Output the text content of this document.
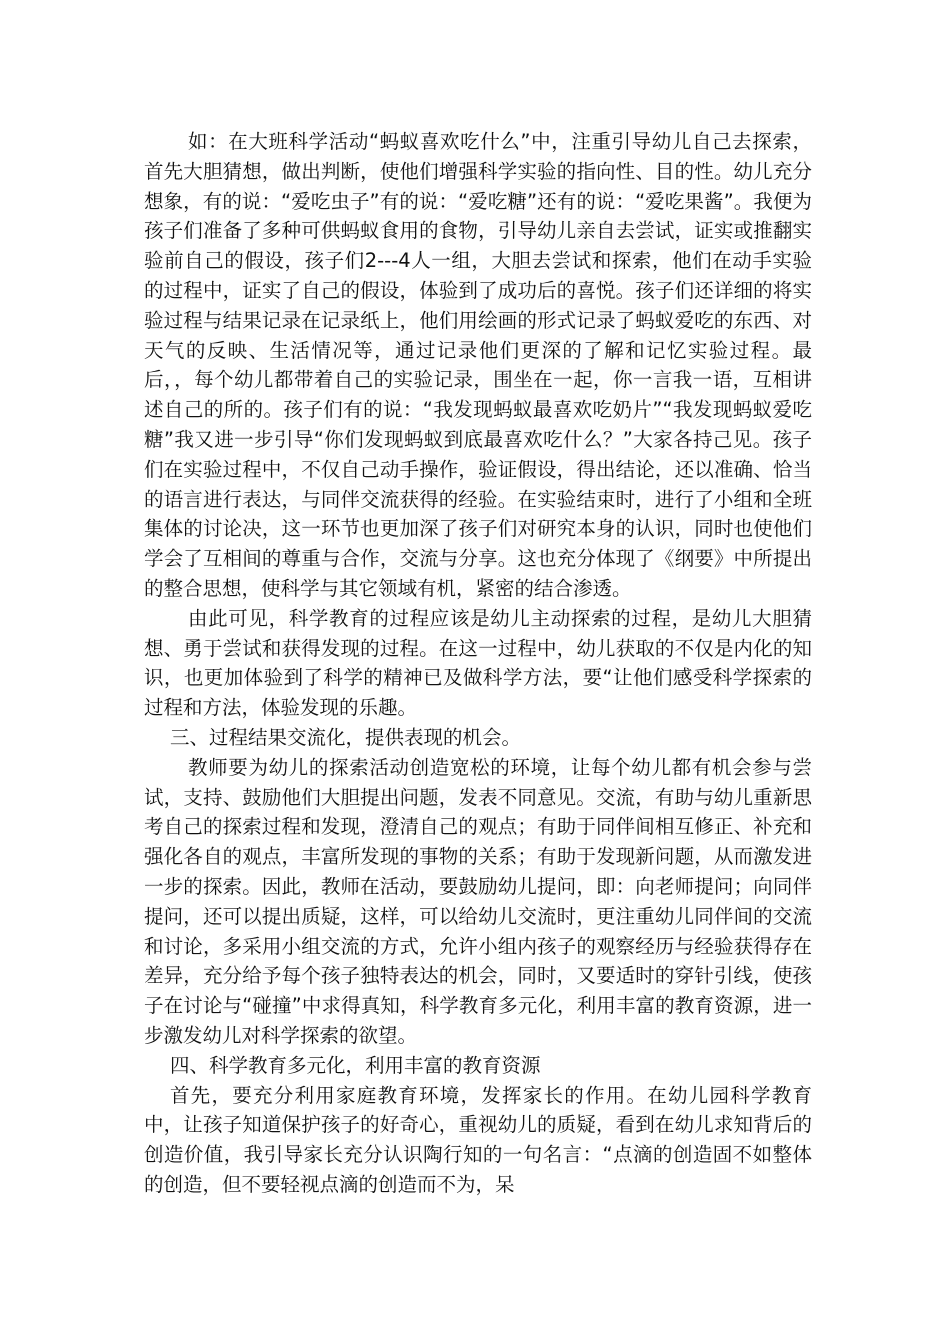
如：在大班科学活动“蚂蚁喜欢吃什么”中，注重引导幼儿自己去探索，首先大胆猜想，做出判断，使他们增强科学实验的指向性、目的性。幼儿充分想象，有的说：“爱吃虫子”有的说：“爱吃糖”还有的说：“爱吃果酱”。我便为孩子们准备了多种可供蚂蚁食用的食物，引导幼儿亲自去尝试，证实或推翻实验前自己的假设，孩子们2---4人一组，大胆去尝试和探索，他们在动手实验的过程中，证实了自己的假设，体验到了成功后的喜悦。孩子们还详细的将实验过程与结果记录在记录纸上，他们用绘画的形式记录了蚂蚁爱吃的东西、对天气的反映、生活情况等，通过记录他们更深的了解和记忆实验过程。最后，，每个幼儿都带着自己的实验记录，围坐在一起，你一言我一语，互相讲述自己的所的。孩子们有的说：“我发现蚂蚁最喜欢吃奶片”“我发现蚂蚁爱吃糖”我又进一步引导“你们发现蚂蚁到底最喜欢吃什么？”大家各持己见。孩子们在实验过程中，不仅自己动手操作，验证假设，得出结论，还以准确、恰当的语言进行表达，与同伴交流获得的经验。在实验结束时，进行了小组和全班集体的讨论决，这一环节也更加深了孩子们对研究本身的认识，同时也使他们学会了互相间的尊重与合作，交流与分享。这也充分体现了《纲要》中所提出的整合思想，使科学与其它领域有机，紧密的结合渗透。

由此可见，科学教育的过程应该是幼儿主动探索的过程，是幼儿大胆猜想、勇于尝试和获得发现的过程。在这一过程中，幼儿获取的不仅是内化的知识，也更加体验到了科学的精神已及做科学方法，要“让他们感受科学探索的过程和方法，体验发现的乐趣。

三、过程结果交流化，提供表现的机会。

教师要为幼儿的探索活动创造宽松的环境，让每个幼儿都有机会参与尝试，支持、鼓励他们大胆提出问题，发表不同意见。交流，有助与幼儿重新思考自己的探索过程和发现，澄清自己的观点；有助于同伴间相互修正、补充和强化各自的观点，丰富所发现的事物的关系；有助于发现新问题，从而激发进一步的探索。因此，教师在活动，要鼓励幼儿提问，即：向老师提问；向同伴提问，还可以提出质疑，这样，可以给幼儿交流时，更注重幼儿同伴间的交流和讨论，多采用小组交流的方式，允许小组内孩子的观察经历与经验获得存在差异，充分给予每个孩子独特表达的机会，同时，又要适时的穿针引线，使孩子在讨论与“碰撞”中求得真知，科学教育多元化，利用丰富的教育资源，进一步激发幼儿对科学探索的欲望。

四、科学教育多元化，利用丰富的教育资源

首先，要充分利用家庭教育环境，发挥家长的作用。在幼儿园科学教育中，让孩子知道保护孩子的好奇心，重视幼儿的质疑，看到在幼儿求知背后的创造价值，我引导家长充分认识陶行知的一句名言：“点滴的创造固不如整体的创造，但不要轻视点滴的创造而不为，呆
